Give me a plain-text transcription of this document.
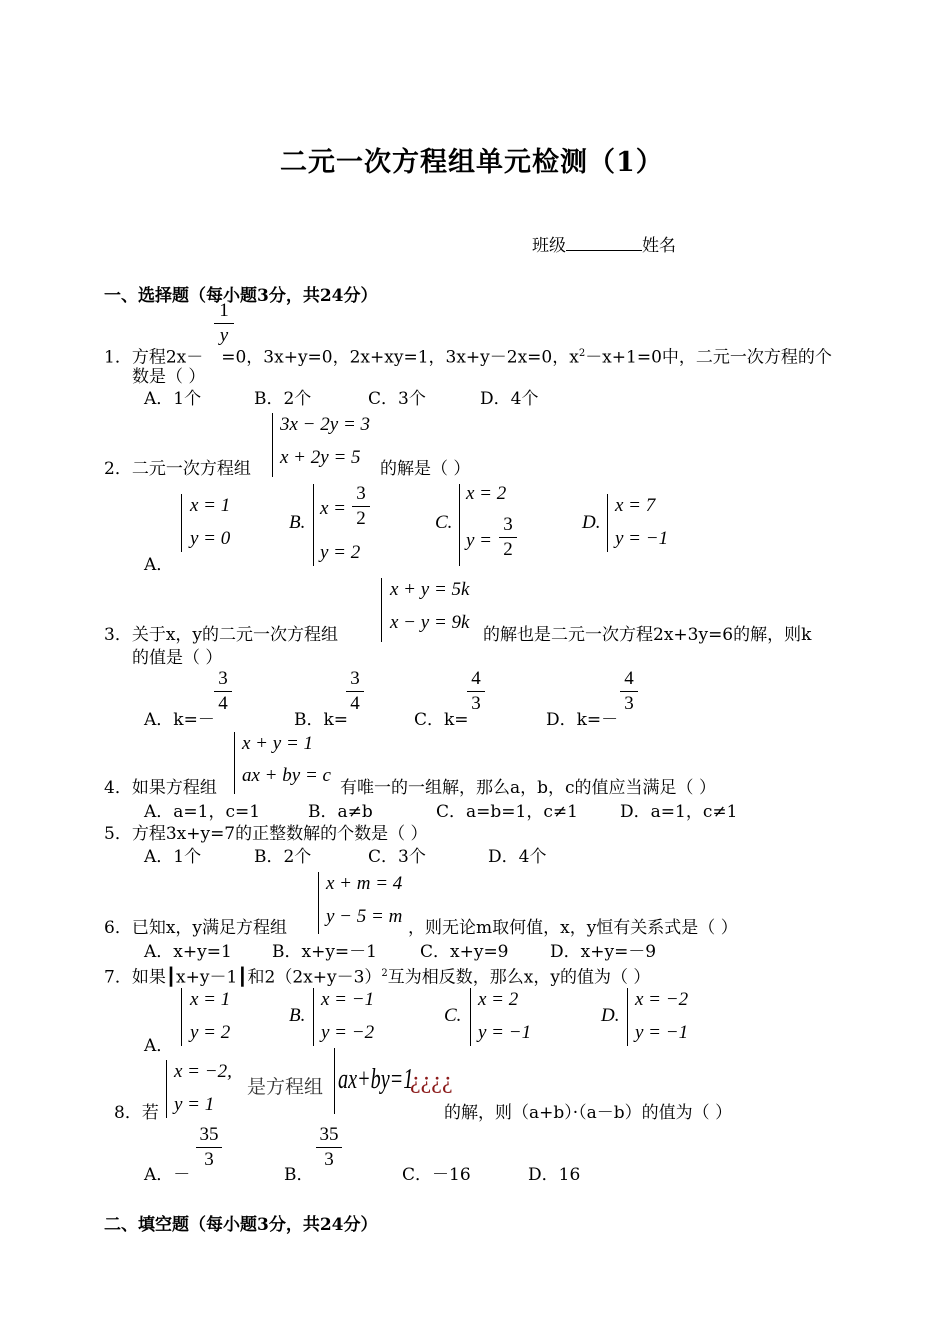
二元一次方程组单元检测（1）
班级	姓名
一、选择题（每小题3分，共24分）
1．方程2x－ =0，3x+y=0，2x+xy=1，3x+y－2x=0，$x^2-x+1=0$中，二元一次方程的个
1
y
数是（ ）
A．1个	B．2个	C．3个	D．4个
2．二元一次方程组
3x − 2y = 3
x + 2y = 5
的解是（ ）
A．
x = 1
y = 0
B.
x =
3
2
y = 2
C.
x = 2
y =
3
2
D.
x = 7
y = −1
3．关于x，y的二元一次方程组
x + y = 5k
x − y = 9k
的解也是二元一次方程2x+3y=6的解，则k
的值是（ ）
A．k=－
3
4
B．k=
3
4
C．k=
4
3
D．k=－
4
3
4．如果方程组
x + y = 1
ax + by = c
有唯一的一组解，那么a，b，c的值应当满足（ ）
A．a=1，c=1	B．a≠b	C．a=b=1，c≠1 D．a=1，c≠1
5．方程3x+y=7的正整数解的个数是（ ）
A．1个	B．2个	C．3个	D．4个
6．已知x，y满足方程组
x + m = 4
y − 5 = m
，则无论m取何值，x，y恒有关系式是（ ）
A．x+y=1 B．x+y=－1	C．x+y=9 D．x+y=－9
7．如果┃x+y－1┃和$2(2x+y-3)^2$互为相反数，那么x，y的值为（ ）
A．
x = 1
y = 2
B.
x = −1
y = −2
C.
x = 2
y = −1
D.
x = −2
y = −1
8．若
x = −2,
y = 1
是方程组 ax+by=1
¿¿¿¿
的解，则（a+b）·（a－b）的值为（ ）
A．－
35
3
B．
35
3
C．－16	D．16
二、填空题（每小题3分，共24分）
